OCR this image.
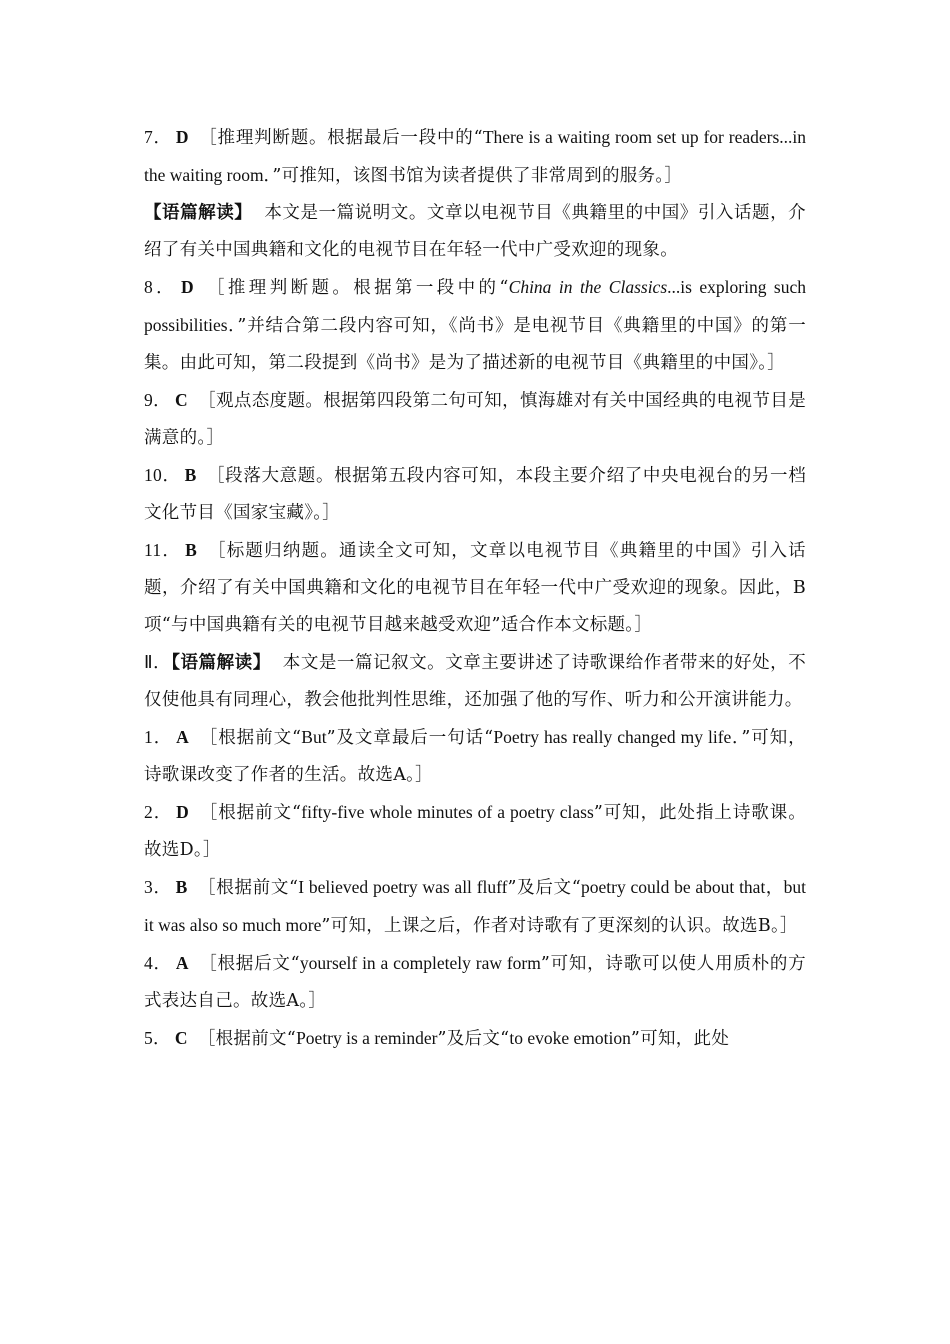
7． D ［推理判断题。根据最后一段中的“There is a waiting room set up for readers...in the waiting room．”可推知，该图书馆为读者提供了非常周到的服务。］

【语篇解读】 本文是一篇说明文。文章以电视节目《典籍里的中国》引入话题，介绍了有关中国典籍和文化的电视节目在年轻一代中广受欢迎的现象。

8． D ［推理判断题。根据第一段中的“China in the Classics...is exploring such possibilities．”并结合第二段内容可知，《尚书》是电视节目《典籍里的中国》的第一集。由此可知，第二段提到《尚书》是为了描述新的电视节目《典籍里的中国》。］

9． C ［观点态度题。根据第四段第二句可知，慎海雄对有关中国经典的电视节目是满意的。］

10． B ［段落大意题。根据第五段内容可知，本段主要介绍了中央电视台的另一档文化节目《国家宝藏》。］

11． B ［标题归纳题。通读全文可知，文章以电视节目《典籍里的中国》引入话题，介绍了有关中国典籍和文化的电视节目在年轻一代中广受欢迎的现象。因此，B项“与中国典籍有关的电视节目越来越受欢迎”适合作本文标题。］

Ⅱ．【语篇解读】 本文是一篇记叙文。文章主要讲述了诗歌课给作者带来的好处，不仅使他具有同理心，教会他批判性思维，还加强了他的写作、听力和公开演讲能力。

1． A ［根据前文“But”及文章最后一句话“Poetry has really changed my life．”可知，诗歌课改变了作者的生活。故选A。］

2． D ［根据前文“fifty-five whole minutes of a poetry class”可知，此处指上诗歌课。故选D。］

3． B ［根据前文“I believed poetry was all fluff”及后文“poetry could be about that，but it was also so much more”可知，上课之后，作者对诗歌有了更深刻的认识。故选B。］

4． A ［根据后文“yourself in a completely raw form”可知，诗歌可以使人用质朴的方式表达自己。故选A。］

5． C ［根据前文“Poetry is a reminder”及后文“to evoke emotion”可知，此处
